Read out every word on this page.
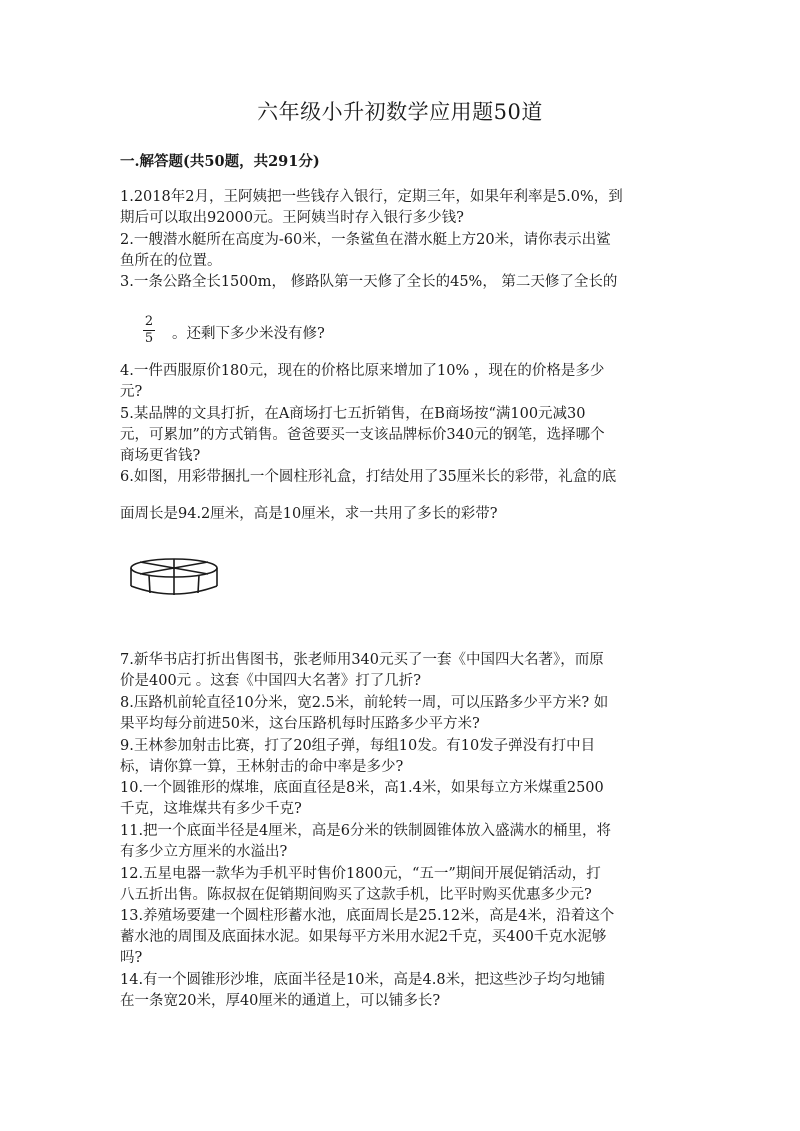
六年级小升初数学应用题50道
一.解答题(共50题，共291分)
1.2018年2月，王阿姨把一些钱存入银行，定期三年，如果年利率是5.0%，到
期后可以取出92000元。王阿姨当时存入银行多少钱?
2.一艘潜水艇所在高度为-60米，一条鲨鱼在潜水艇上方20米，请你表示出鲨
鱼所在的位置。
3.一条公路全长1500m， 修路队第一天修了全长的45%， 第二天修了全长的
2
5 。还剩下多少米没有修?
4.一件西服原价180元，现在的价格比原来增加了10% ，现在的价格是多少
元?
5.某品牌的文具打折，在A商场打七五折销售，在B商场按“满100元减30
元，可累加”的方式销售。爸爸要买一支该品牌标价340元的钢笔，选择哪个
商场更省钱?
6.如图，用彩带捆扎一个圆柱形礼盒，打结处用了35厘米长的彩带，礼盒的底
面周长是94.2厘米，高是10厘米，求一共用了多长的彩带?
7.新华书店打折出售图书，张老师用340元买了一套《中国四大名著》，而原
价是400元 。这套《中国四大名著》打了几折?
8.压路机前轮直径10分米，宽2.5米，前轮转一周，可以压路多少平方米? 如
果平均每分前进50米，这台压路机每时压路多少平方米?
9.王林参加射击比赛，打了20组子弹，每组10发。有10发子弹没有打中目
标，请你算一算，王林射击的命中率是多少?
10.一个圆锥形的煤堆，底面直径是8米，高1.4米，如果每立方米煤重2500
千克，这堆煤共有多少千克?
11.把一个底面半径是4厘米，高是6分米的铁制圆锥体放入盛满水的桶里，将
有多少立方厘米的水溢出?
12.五星电器一款华为手机平时售价1800元，“五一”期间开展促销活动，打
八五折出售。陈叔叔在促销期间购买了这款手机，比平时购买优惠多少元?
13.养殖场要建一个圆柱形蓄水池，底面周长是25.12米，高是4米，沿着这个
蓄水池的周围及底面抹水泥。如果每平方米用水泥2千克，买400千克水泥够
吗?
14.有一个圆锥形沙堆，底面半径是10米，高是4.8米，把这些沙子均匀地铺
在一条宽20米，厚40厘米的通道上，可以铺多长?
